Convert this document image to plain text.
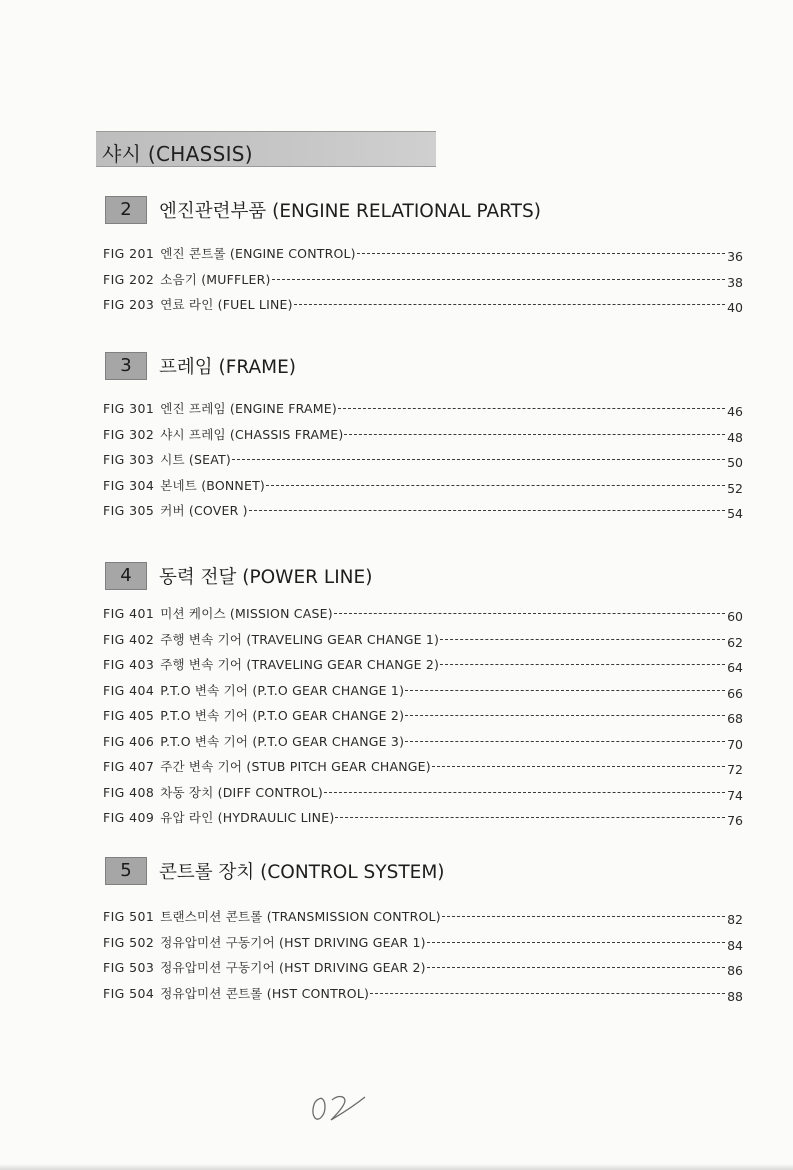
샤시 (CHASSIS)
2	엔진관련부품 (ENGINE RELATIONAL PARTS)
FIG 201 엔진 콘트롤 (ENGINE CONTROL)	36
FIG 202 소음기 (MUFFLER)	38
FIG 203 연료 라인 (FUEL LINE)	40
3	프레임 (FRAME)
FIG 301 엔진 프레임 (ENGINE FRAME)	46
FIG 302 샤시 프레임 (CHASSIS FRAME)	48
FIG 303 시트 (SEAT)	50
FIG 304 본네트 (BONNET)	52
FIG 305 커버 (COVER )	54
4	동력 전달 (POWER LINE)
FIG 401 미션 케이스 (MISSION CASE)	60
FIG 402 주행 변속 기어 (TRAVELING GEAR CHANGE 1)	62
FIG 403 주행 변속 기어 (TRAVELING GEAR CHANGE 2)	64
FIG 404 P.T.O 변속 기어 (P.T.O GEAR CHANGE 1)	66
FIG 405 P.T.O 변속 기어 (P.T.O GEAR CHANGE 2)	68
FIG 406 P.T.O 변속 기어 (P.T.O GEAR CHANGE 3)	70
FIG 407 주간 변속 기어 (STUB PITCH GEAR CHANGE)	72
FIG 408 차동 장치 (DIFF CONTROL)	74
FIG 409 유압 라인 (HYDRAULIC LINE)	76
5	콘트롤 장치 (CONTROL SYSTEM)
FIG 501 트랜스미션 콘트롤 (TRANSMISSION CONTROL)	82
FIG 502 정유압미션 구동기어 (HST DRIVING GEAR 1)	84
FIG 503 정유압미션 구동기어 (HST DRIVING GEAR 2)	86
FIG 504 정유압미션 콘트롤 (HST CONTROL)	88
